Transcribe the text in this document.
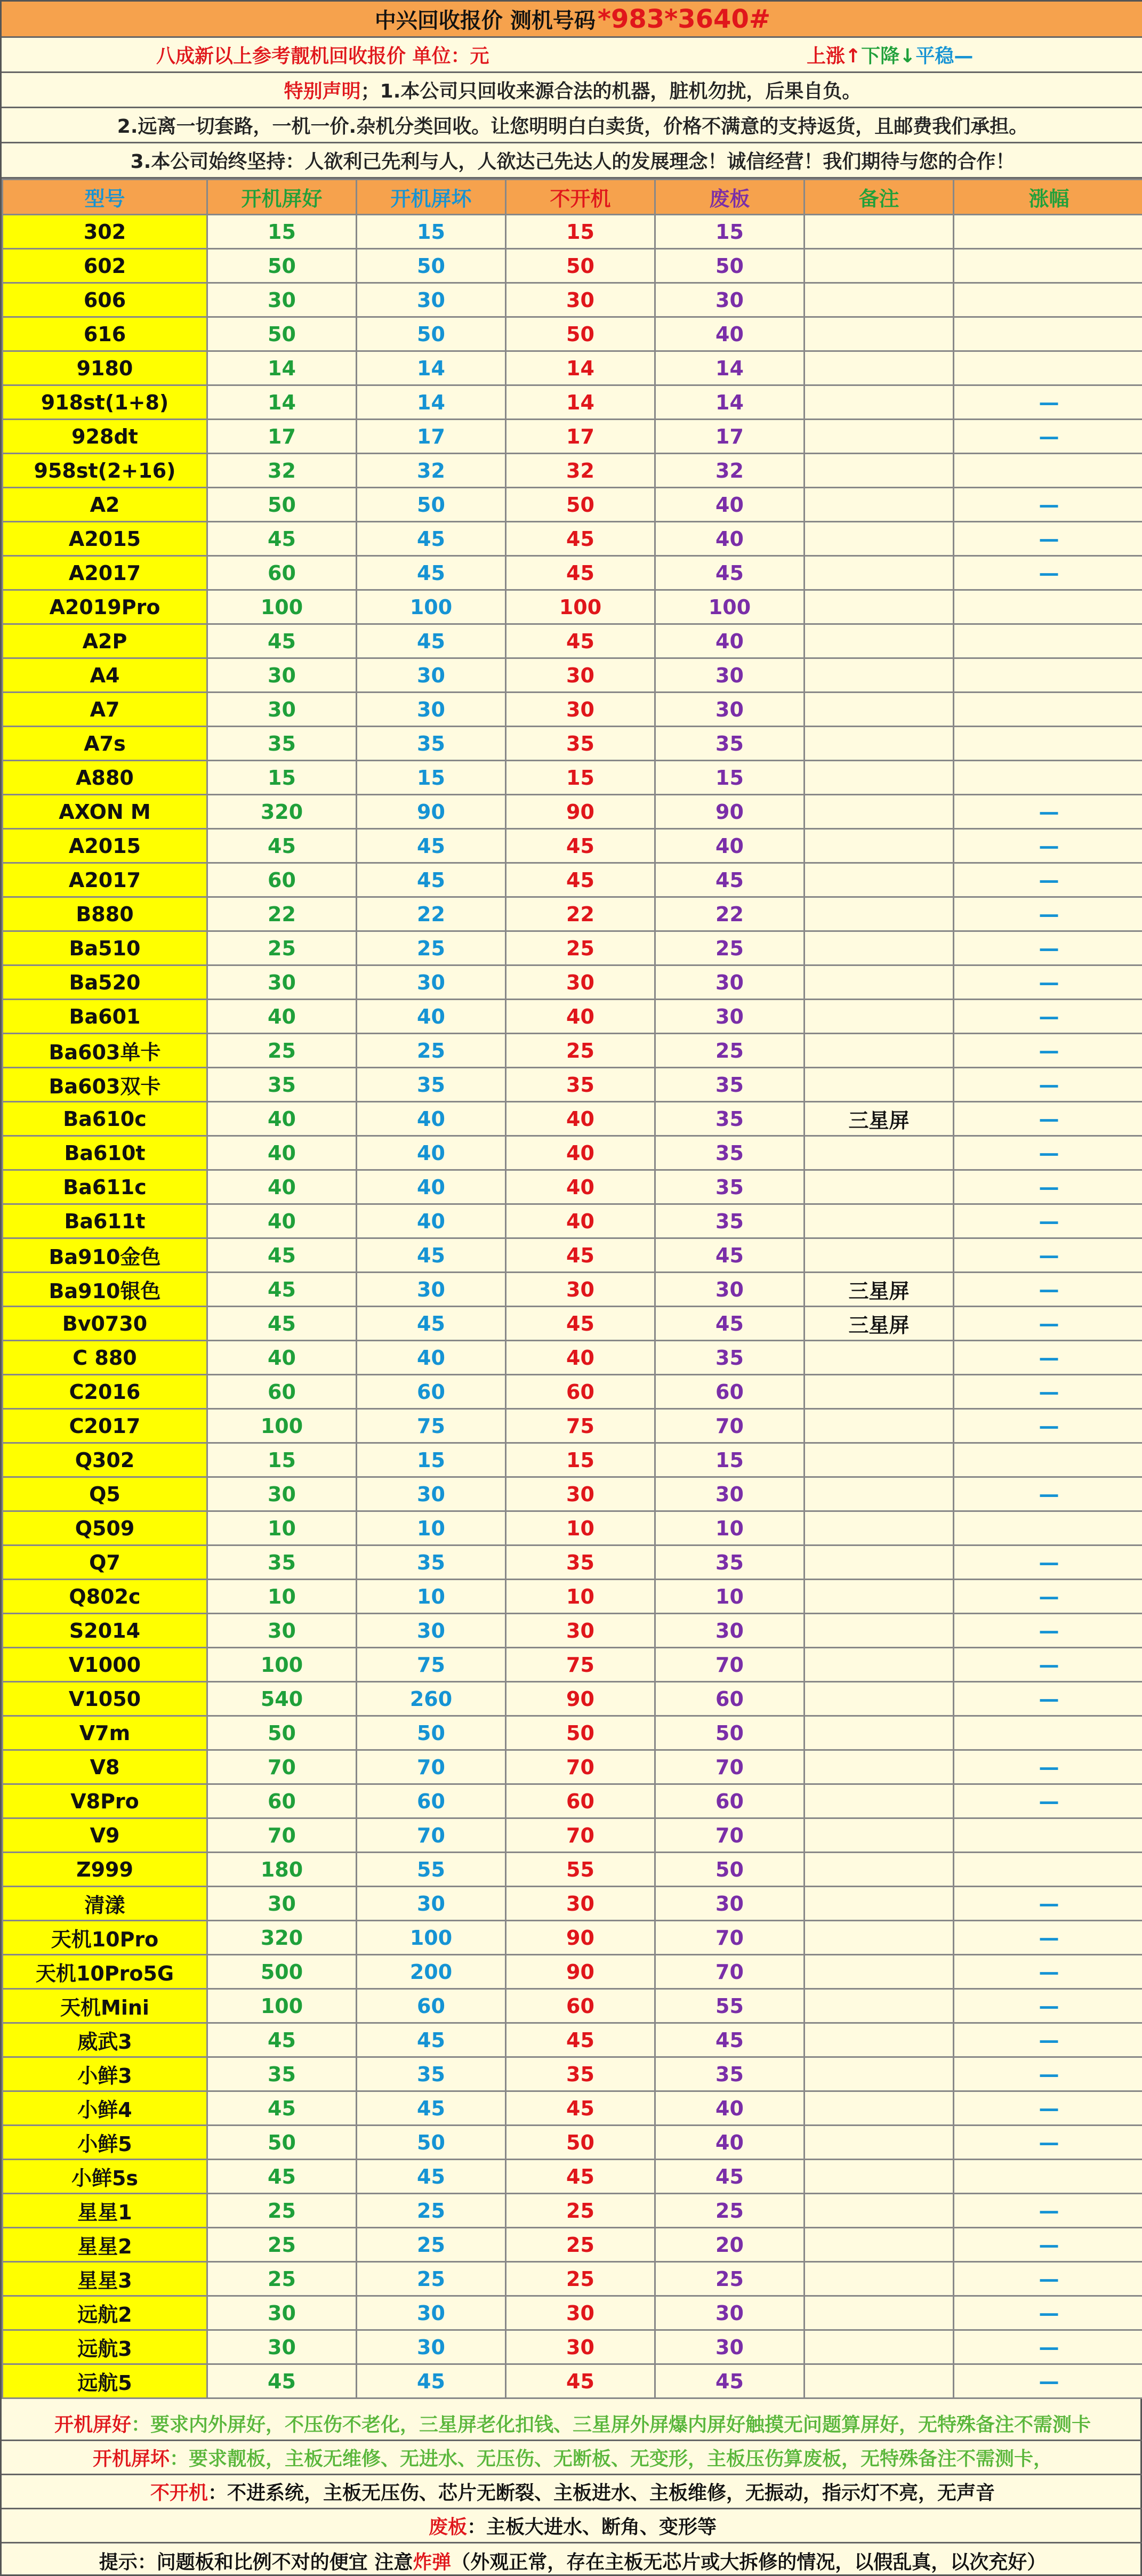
中兴回收报价 测机号码 *983*3640#
八成新以上参考靓机回收报价 单位：元	上涨↑下降↓平稳—
特别声明 ；1.本公司只回收来源合法的机器，脏机勿扰，后果自负。
2.远离一切套路，一机一价.杂机分类回收。让您明明白白卖货，价格不满意的支持返货，且邮费我们承担。
3.本公司始终坚持：人欲利己先利与人，人欲达己先达人的发展理念！诚信经营！我们期待与您的合作！
型号	开机屏好	开机屏坏	不开机	废板	备注	涨幅
302	15	15	15	15		
602	50	50	50	50		
606	30	30	30	30		
616	50	50	50	40		
9180	14	14	14	14		
918st(1+8)	14	14	14	14		—
928dt	17	17	17	17		—
958st(2+16)	32	32	32	32		
A2	50	50	50	40		—
A2015	45	45	45	40		—
A2017	60	45	45	45		—
A2019Pro	100	100	100	100		
A2P	45	45	45	40		
A4	30	30	30	30		
A7	30	30	30	30		
A7s	35	35	35	35		
A880	15	15	15	15		
AXON M	320	90	90	90		—
A2015	45	45	45	40		—
A2017	60	45	45	45		—
B880	22	22	22	22		—
Ba510	25	25	25	25		—
Ba520	30	30	30	30		—
Ba601	40	40	40	30		—
Ba603单卡	25	25	25	25		—
Ba603双卡	35	35	35	35		—
Ba610c	40	40	40	35	三星屏	—
Ba610t	40	40	40	35		—
Ba611c	40	40	40	35		—
Ba611t	40	40	40	35		—
Ba910金色	45	45	45	45		—
Ba910银色	45	30	30	30	三星屏	—
Bv0730	45	45	45	45	三星屏	—
C 880	40	40	40	35		—
C2016	60	60	60	60		—
C2017	100	75	75	70		—
Q302	15	15	15	15		
Q5	30	30	30	30		—
Q509	10	10	10	10		
Q7	35	35	35	35		—
Q802c	10	10	10	10		—
S2014	30	30	30	30		—
V1000	100	75	75	70		—
V1050	540	260	90	60		—
V7m	50	50	50	50		
V8	70	70	70	70		—
V8Pro	60	60	60	60		—
V9	70	70	70	70		
Z999	180	55	55	50		
清漾	30	30	30	30		—
天机10Pro	320	100	90	70		—
天机10Pro5G	500	200	90	70		—
天机Mini	100	60	60	55		—
威武3	45	45	45	45		—
小鲜3	35	35	35	35		—
小鲜4	45	45	45	40		—
小鲜5	50	50	50	40		—
小鲜5s	45	45	45	45		
星星1	25	25	25	25		—
星星2	25	25	25	20		—
星星3	25	25	25	25		—
远航2	30	30	30	30		—
远航3	30	30	30	30		—
远航5	45	45	45	45		—
开机屏好 ：要求内外屏好，不压伤不老化，三星屏老化扣钱、三星屏外屏爆内屏好触摸无问题算屏好，无特殊备注不需测卡
开机屏坏 ：要求靓板，主板无维修、无进水、无压伤、无断板、无变形，主板压伤算废板，无特殊备注不需测卡，
不开机 ：不进系统，主板无压伤、芯片无断裂、主板进水、主板维修，无振动，指示灯不亮，无声音
废板 ：主板大进水、断角、变形等
提示：问题板和比例不对的便宜 注意 炸弹 （外观正常，存在主板无芯片或大拆修的情况，以假乱真，以次充好）
